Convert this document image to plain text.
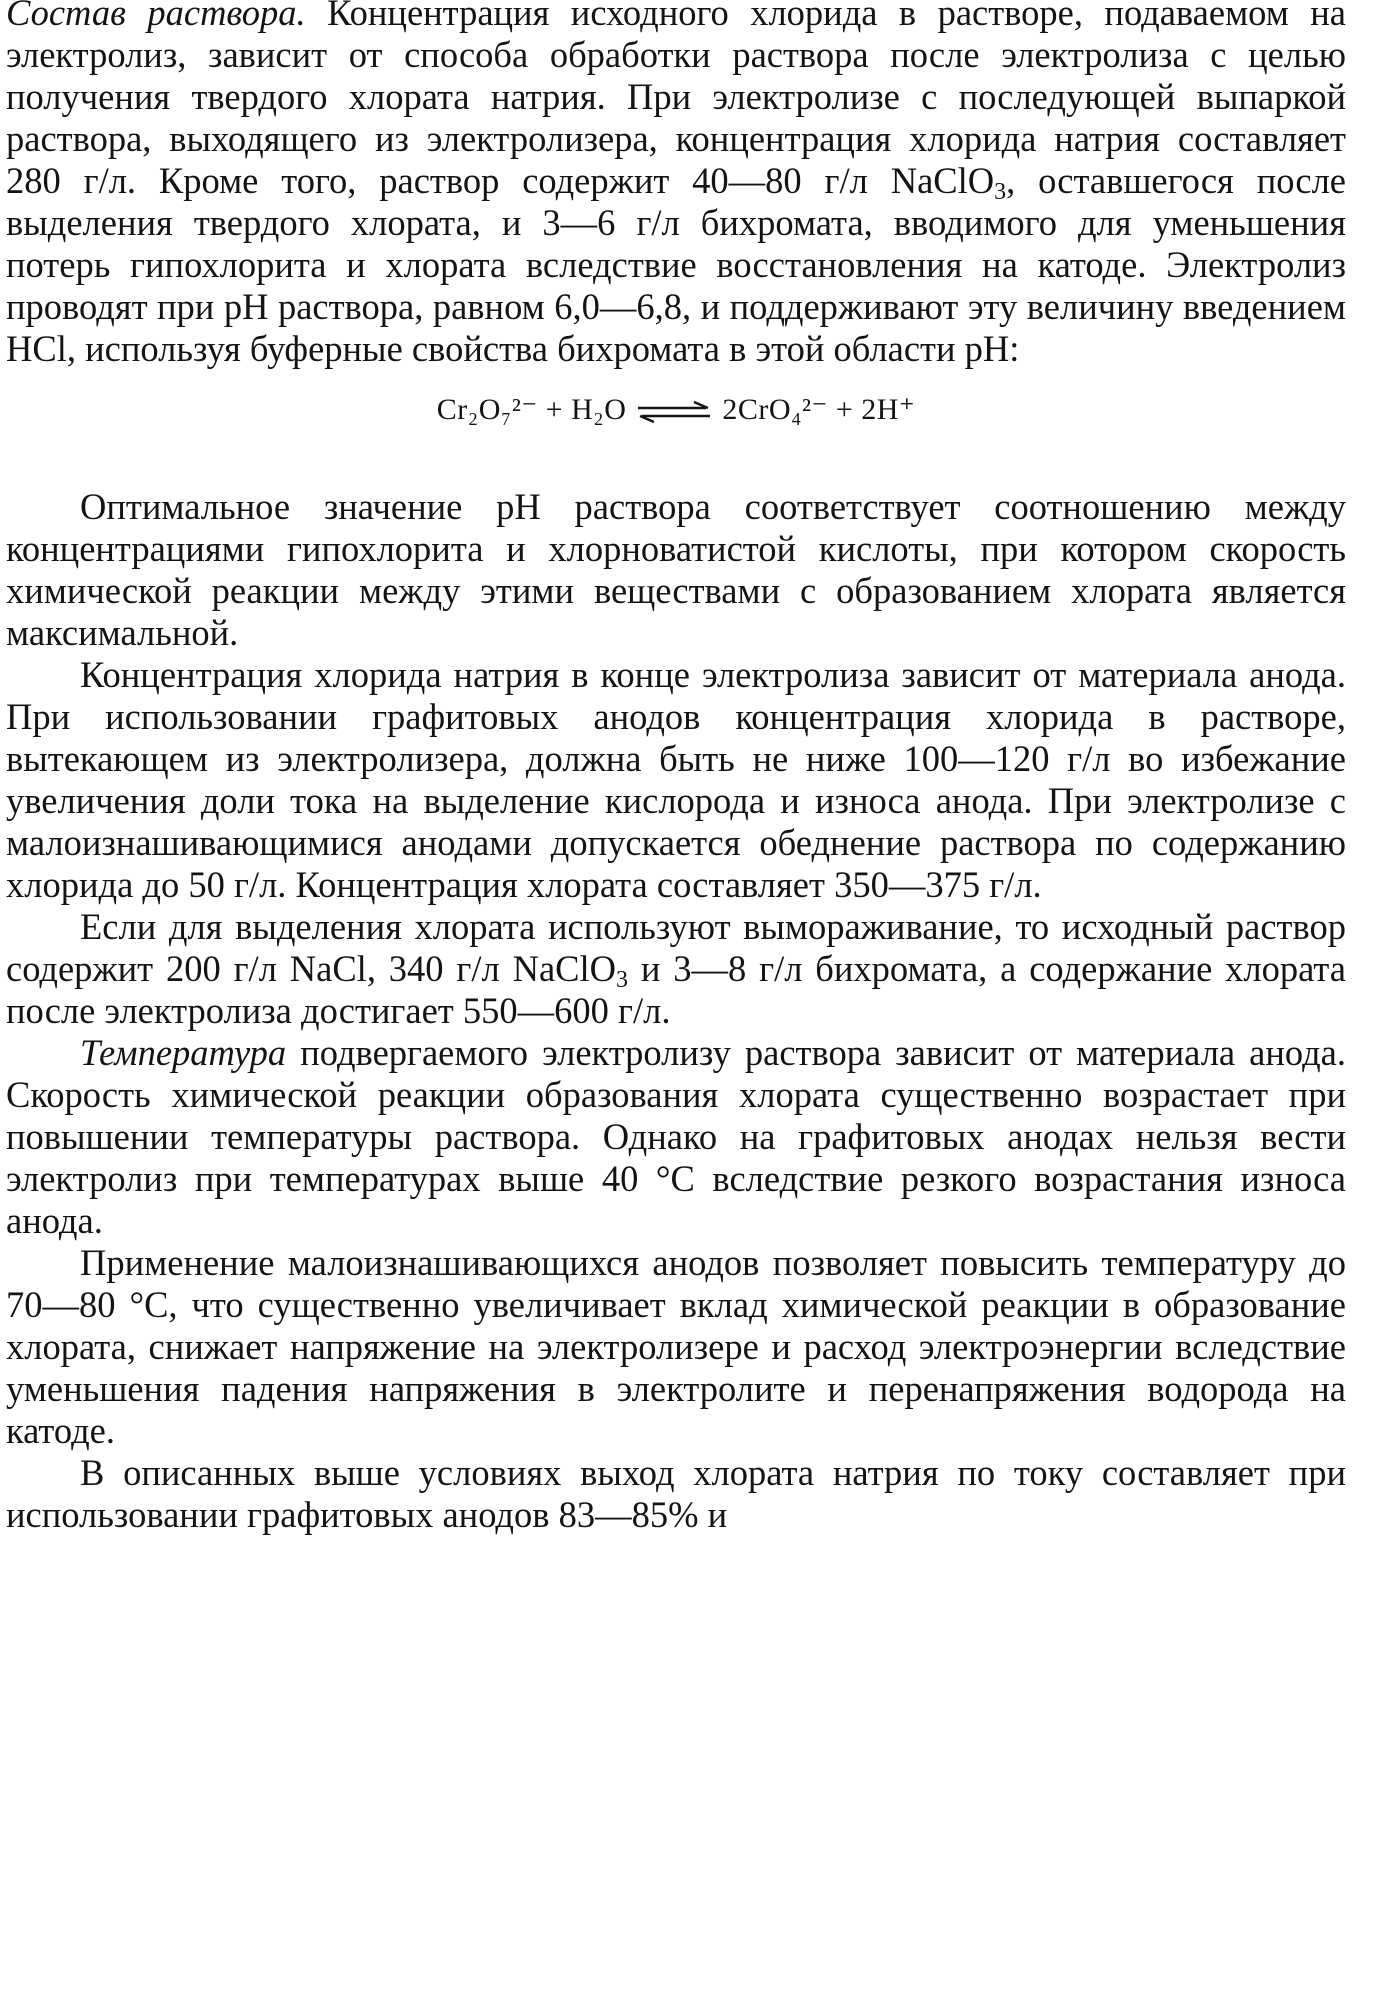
Состав раствора. Концентрация исходного хлорида в растворе, подаваемом на электролиз, зависит от способа обработки раствора после электролиза с целью получения твердого хлората натрия. При электролизе с последующей выпаркой раствора, выходящего из электролизера, концентрация хлорида натрия составляет 280 г/л. Кроме того, раствор содержит 40—80 г/л NaClO$_3$, оставшегося после выделения твердого хлората, и 3—6 г/л бихромата, вводимого для уменьшения потерь гипохлорита и хлората вследствие восстановления на катоде. Электролиз проводят при pH раствора, равном 6,0—6,8, и поддерживают эту величину введением HCl, используя буферные свойства бихромата в этой области pH:

Cr₂O₇²⁻ + H₂O ⇌ 2CrO₄²⁻ + 2H⁺

Оптимальное значение pH раствора соответствует соотношению между концентрациями гипохлорита и хлорноватистой кислоты, при котором скорость химической реакции между этими веществами с образованием хлората является максимальной.

Концентрация хлорида натрия в конце электролиза зависит от материала анода. При использовании графитовых анодов концентрация хлорида в растворе, вытекающем из электролизера, должна быть не ниже 100—120 г/л во избежание увеличения доли тока на выделение кислорода и износа анода. При электролизе с малоизнашивающимися анодами допускается обеднение раствора по содержанию хлорида до 50 г/л. Концентрация хлората составляет 350—375 г/л.

Если для выделения хлората используют вымораживание, то исходный раствор содержит 200 г/л NaCl, 340 г/л NaClO$_3$ и 3—8 г/л бихромата, а содержание хлората после электролиза достигает 550—600 г/л.

Температура подвергаемого электролизу раствора зависит от материала анода. Скорость химической реакции образования хлората существенно возрастает при повышении температуры раствора. Однако на графитовых анодах нельзя вести электролиз при температурах выше 40 °С вследствие резкого возрастания износа анода.

Применение малоизнашивающихся анодов позволяет повысить температуру до 70—80 °С, что существенно увеличивает вклад химической реакции в образование хлората, снижает напряжение на электролизере и расход электроэнергии вследствие уменьшения падения напряжения в электролите и перенапряжения водорода на катоде.

В описанных выше условиях выход хлората натрия по току составляет при использовании графитовых анодов 83—85% и
